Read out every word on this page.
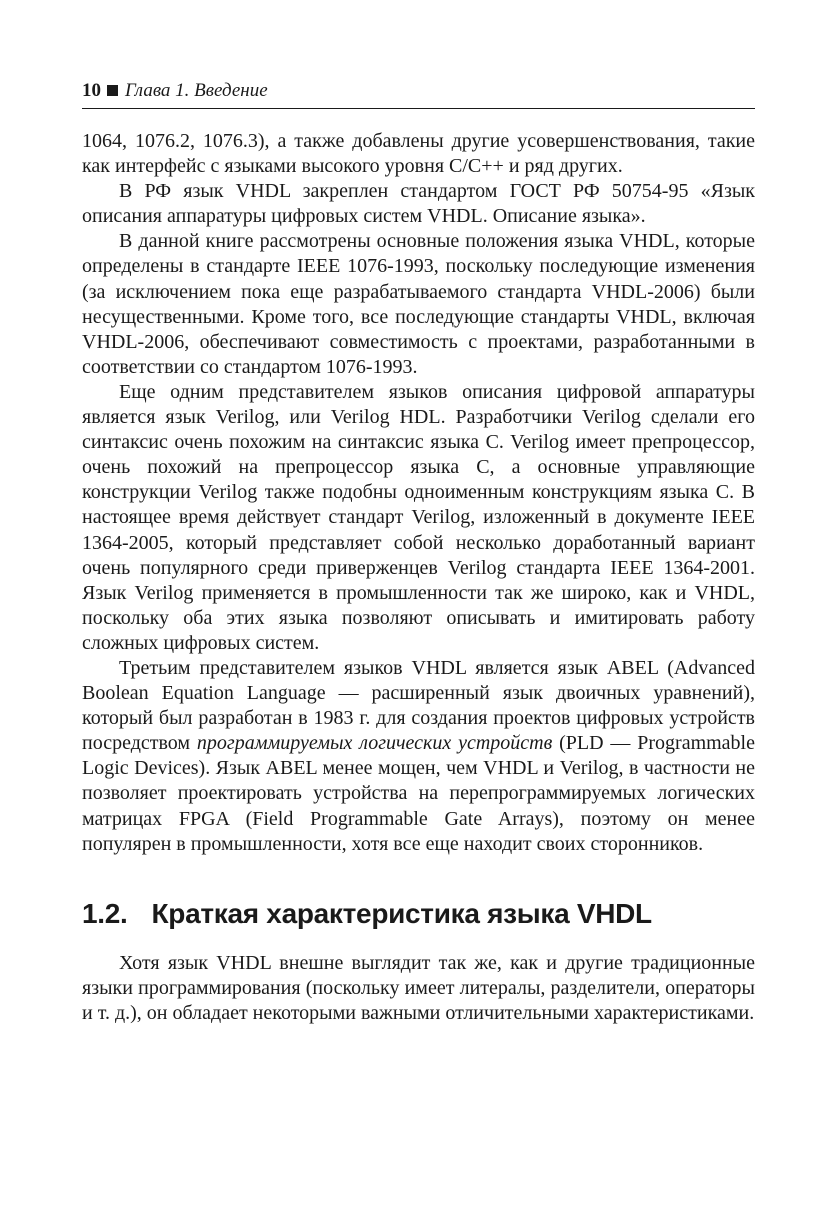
10 Глава 1. Введение

1064, 1076.2, 1076.3), а также добавлены другие усовершенствования, такие как интерфейс с языками высокого уровня C/C++ и ряд других.

В РФ язык VHDL закреплен стандартом ГОСТ РФ 50754-95 «Язык описания аппаратуры цифровых систем VHDL. Описание языка».

В данной книге рассмотрены основные положения языка VHDL, которые определены в стандарте IEEE 1076-1993, поскольку последующие изменения (за исключением пока еще разрабатываемого стандарта VHDL-2006) были несущественными. Кроме того, все последующие стандарты VHDL, включая VHDL-2006, обеспечивают совместимость с проектами, разработанными в соответствии со стандартом 1076-1993.

Еще одним представителем языков описания цифровой аппаратуры является язык Verilog, или Verilog HDL. Разработчики Verilog сделали его синтаксис очень похожим на синтаксис языка C. Verilog имеет препроцессор, очень похожий на препроцессор языка C, а основные управляющие конструкции Verilog также подобны одноименным конструкциям языка C. В настоящее время действует стандарт Verilog, изложенный в документе IEEE 1364-2005, который представляет собой несколько доработанный вариант очень популярного среди приверженцев Verilog стандарта IEEE 1364-2001. Язык Verilog применяется в промышленности так же широко, как и VHDL, поскольку оба этих языка позволяют описывать и имитировать работу сложных цифровых систем.

Третьим представителем языков VHDL является язык ABEL (Advanced Boolean Equation Language — расширенный язык двоичных уравнений), который был разработан в 1983 г. для создания проектов цифровых устройств посредством программируемых логических устройств (PLD — Programmable Logic Devices). Язык ABEL менее мощен, чем VHDL и Verilog, в частности не позволяет проектировать устройства на перепрограммируемых логических матрицах FPGA (Field Programmable Gate Arrays), поэтому он менее популярен в промышленности, хотя все еще находит своих сторонников.

1.2. Краткая характеристика языка VHDL

Хотя язык VHDL внешне выглядит так же, как и другие традиционные языки программирования (поскольку имеет литералы, разделители, операторы и т. д.), он обладает некоторыми важными отличительными характеристиками.
